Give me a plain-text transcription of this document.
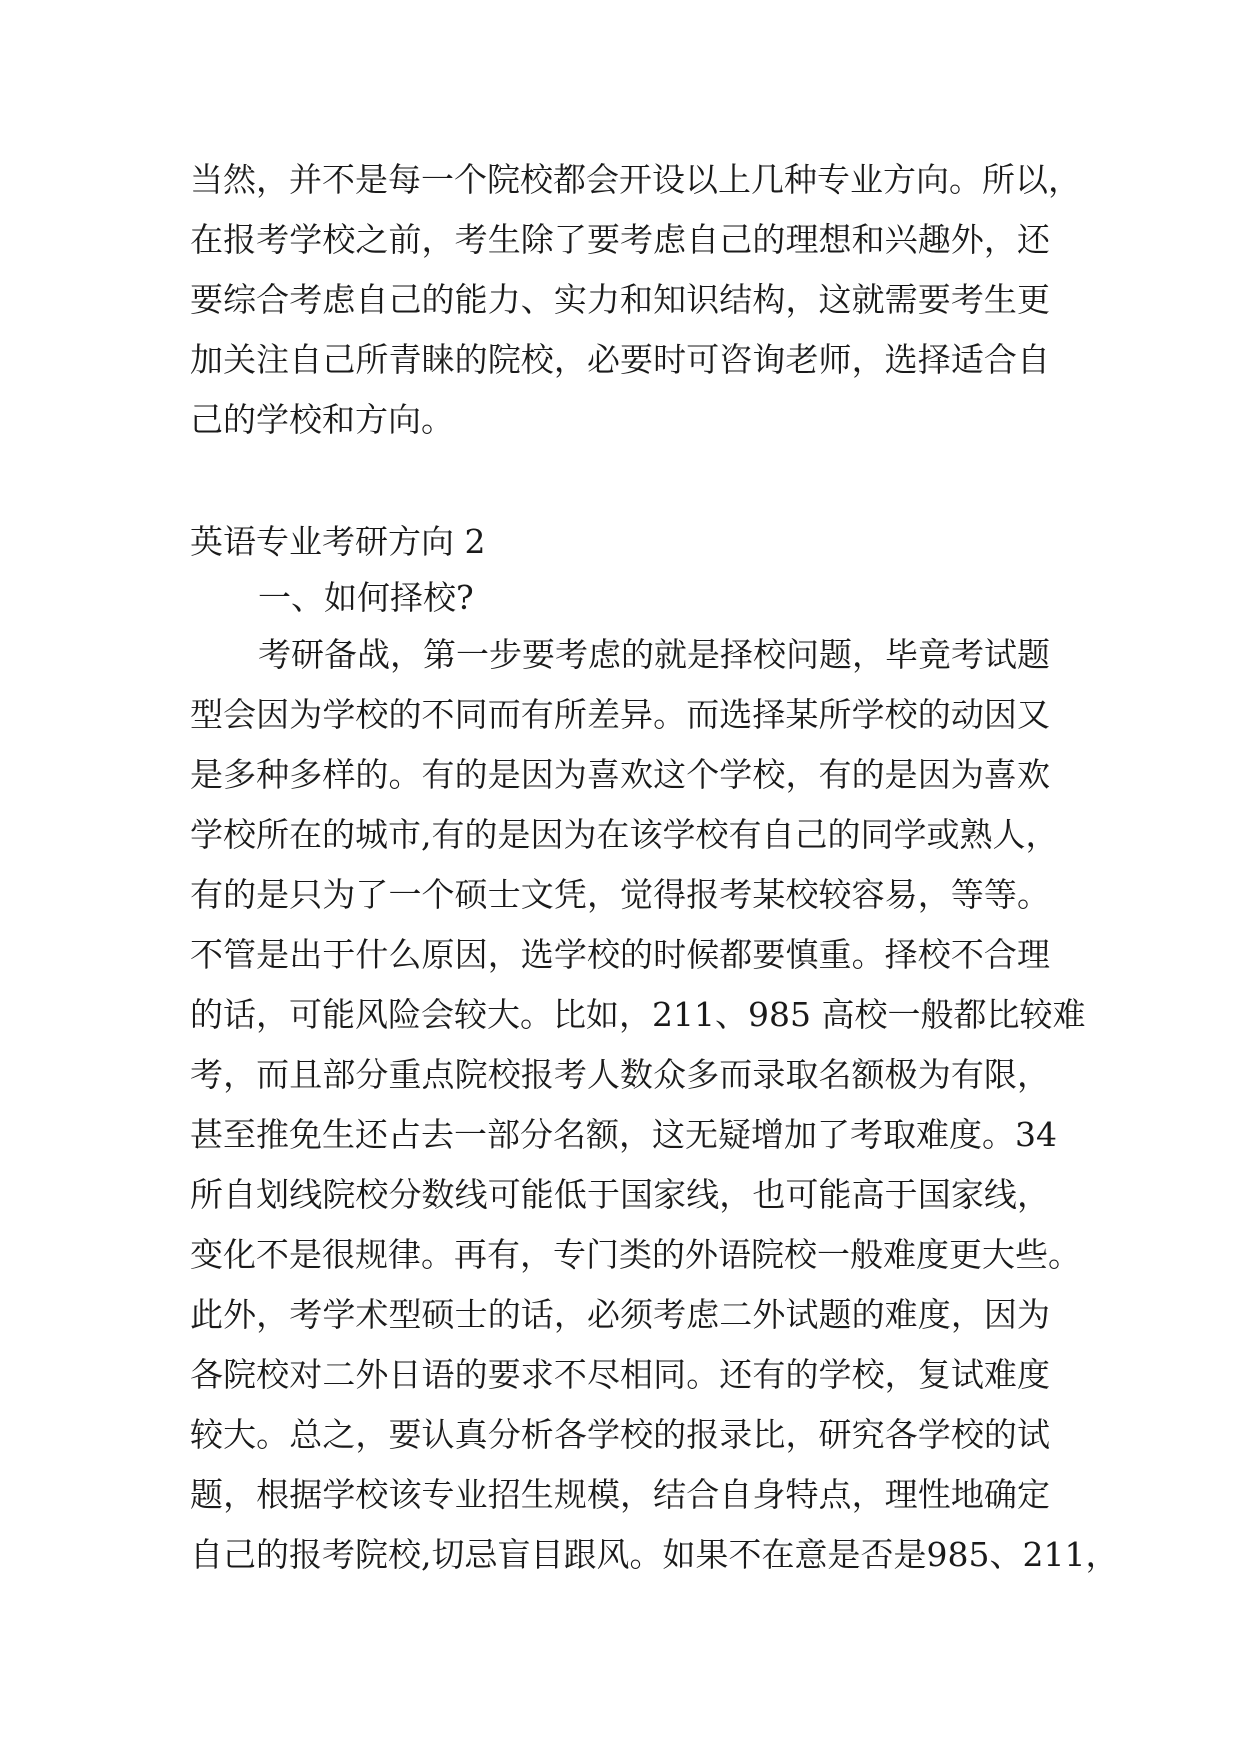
当然，并不是每一个院校都会开设以上几种专业方向。所以，
在报考学校之前，考生除了要考虑自己的理想和兴趣外，还
要综合考虑自己的能力、实力和知识结构，这就需要考生更
加关注自己所青睐的院校，必要时可咨询老师，选择适合自
己的学校和方向。
英语专业考研方向 2
一、如何择校?
考研备战，第一步要考虑的就是择校问题，毕竟考试题
型会因为学校的不同而有所差异。而选择某所学校的动因又
是多种多样的。有的是因为喜欢这个学校，有的是因为喜欢
学校所在的城市,有的是因为在该学校有自己的同学或熟人，
有的是只为了一个硕士文凭，觉得报考某校较容易，等等。
不管是出于什么原因，选学校的时候都要慎重。择校不合理
的话，可能风险会较大。比如，211、985 高校一般都比较难
考，而且部分重点院校报考人数众多而录取名额极为有限，
甚至推免生还占去一部分名额，这无疑增加了考取难度。34
所自划线院校分数线可能低于国家线，也可能高于国家线，
变化不是很规律。再有，专门类的外语院校一般难度更大些。
此外，考学术型硕士的话，必须考虑二外试题的难度，因为
各院校对二外日语的要求不尽相同。还有的学校，复试难度
较大。总之，要认真分析各学校的报录比，研究各学校的试
题，根据学校该专业招生规模，结合自身特点，理性地确定
自己的报考院校,切忌盲目跟风。如果不在意是否是985、211，
